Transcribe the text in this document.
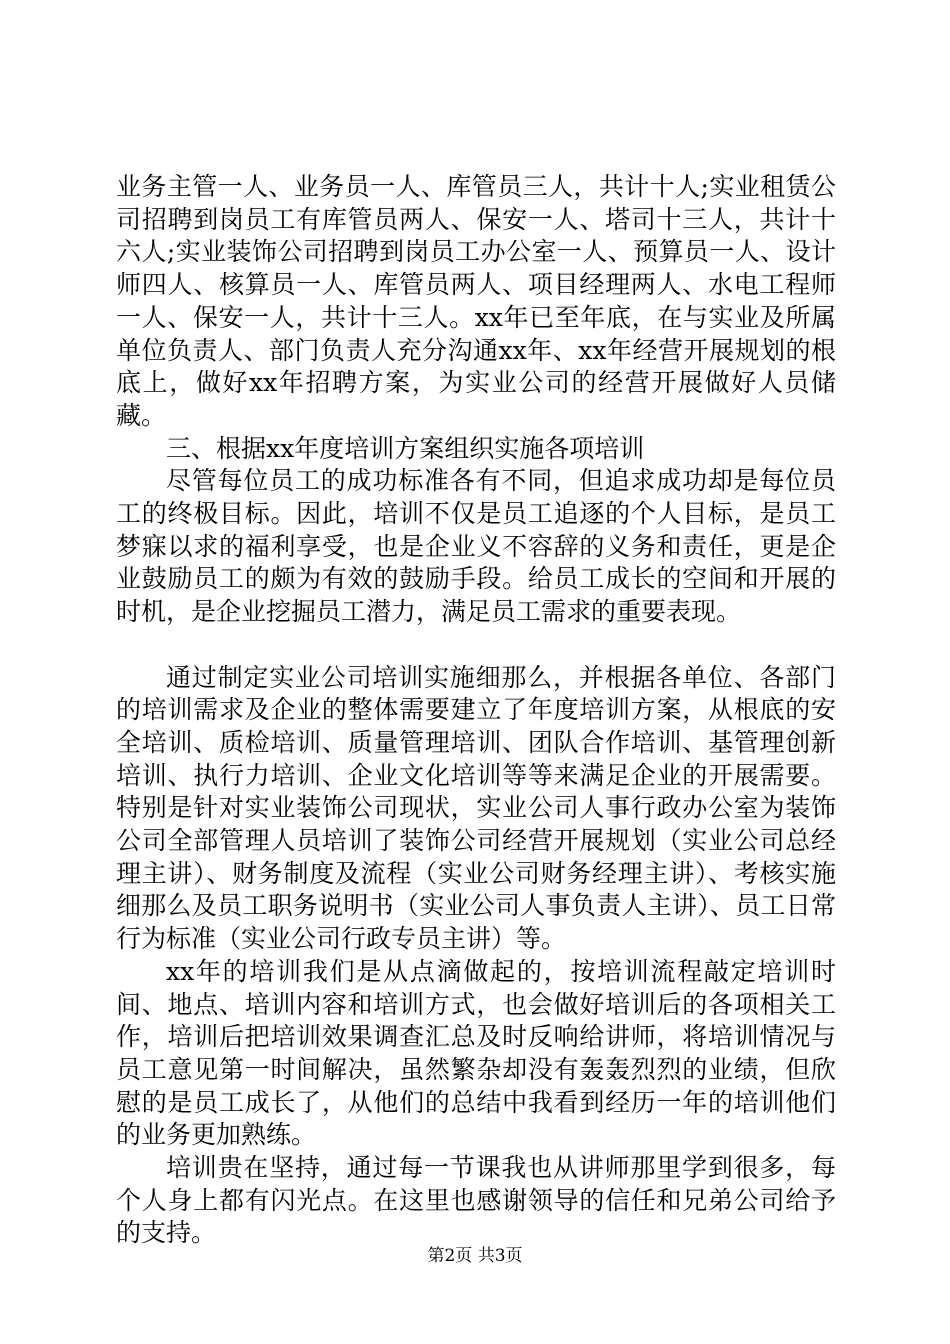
业务主管一人、业务员一人、库管员三人，共计十人;实业租赁公司招聘到岗员工有库管员两人、保安一人、塔司十三人，共计十六人;实业装饰公司招聘到岗员工办公室一人、预算员一人、设计师四人、核算员一人、库管员两人、项目经理两人、水电工程师一人、保安一人，共计十三人。xx年已至年底，在与实业及所属单位负责人、部门负责人充分沟通xx年、xx年经营开展规划的根底上，做好xx年招聘方案，为实业公司的经营开展做好人员储藏。

三、根据xx年度培训方案组织实施各项培训

尽管每位员工的成功标准各有不同，但追求成功却是每位员工的终极目标。因此，培训不仅是员工追逐的个人目标，是员工梦寐以求的福利享受，也是企业义不容辞的义务和责任，更是企业鼓励员工的颇为有效的鼓励手段。给员工成长的空间和开展的时机，是企业挖掘员工潜力，满足员工需求的重要表现。

通过制定实业公司培训实施细那么，并根据各单位、各部门的培训需求及企业的整体需要建立了年度培训方案，从根底的安全培训、质检培训、质量管理培训、团队合作培训、基管理创新培训、执行力培训、企业文化培训等等来满足企业的开展需要。特别是针对实业装饰公司现状，实业公司人事行政办公室为装饰公司全部管理人员培训了装饰公司经营开展规划（实业公司总经理主讲）、财务制度及流程（实业公司财务经理主讲）、考核实施细那么及员工职务说明书（实业公司人事负责人主讲）、员工日常行为标准（实业公司行政专员主讲）等。

xx年的培训我们是从点滴做起的，按培训流程敲定培训时间、地点、培训内容和培训方式，也会做好培训后的各项相关工作，培训后把培训效果调查汇总及时反响给讲师，将培训情况与员工意见第一时间解决，虽然繁杂却没有轰轰烈烈的业绩，但欣慰的是员工成长了，从他们的总结中我看到经历一年的培训他们的业务更加熟练。

培训贵在坚持，通过每一节课我也从讲师那里学到很多，每个人身上都有闪光点。在这里也感谢领导的信任和兄弟公司给予的支持。

第2页 共3页
